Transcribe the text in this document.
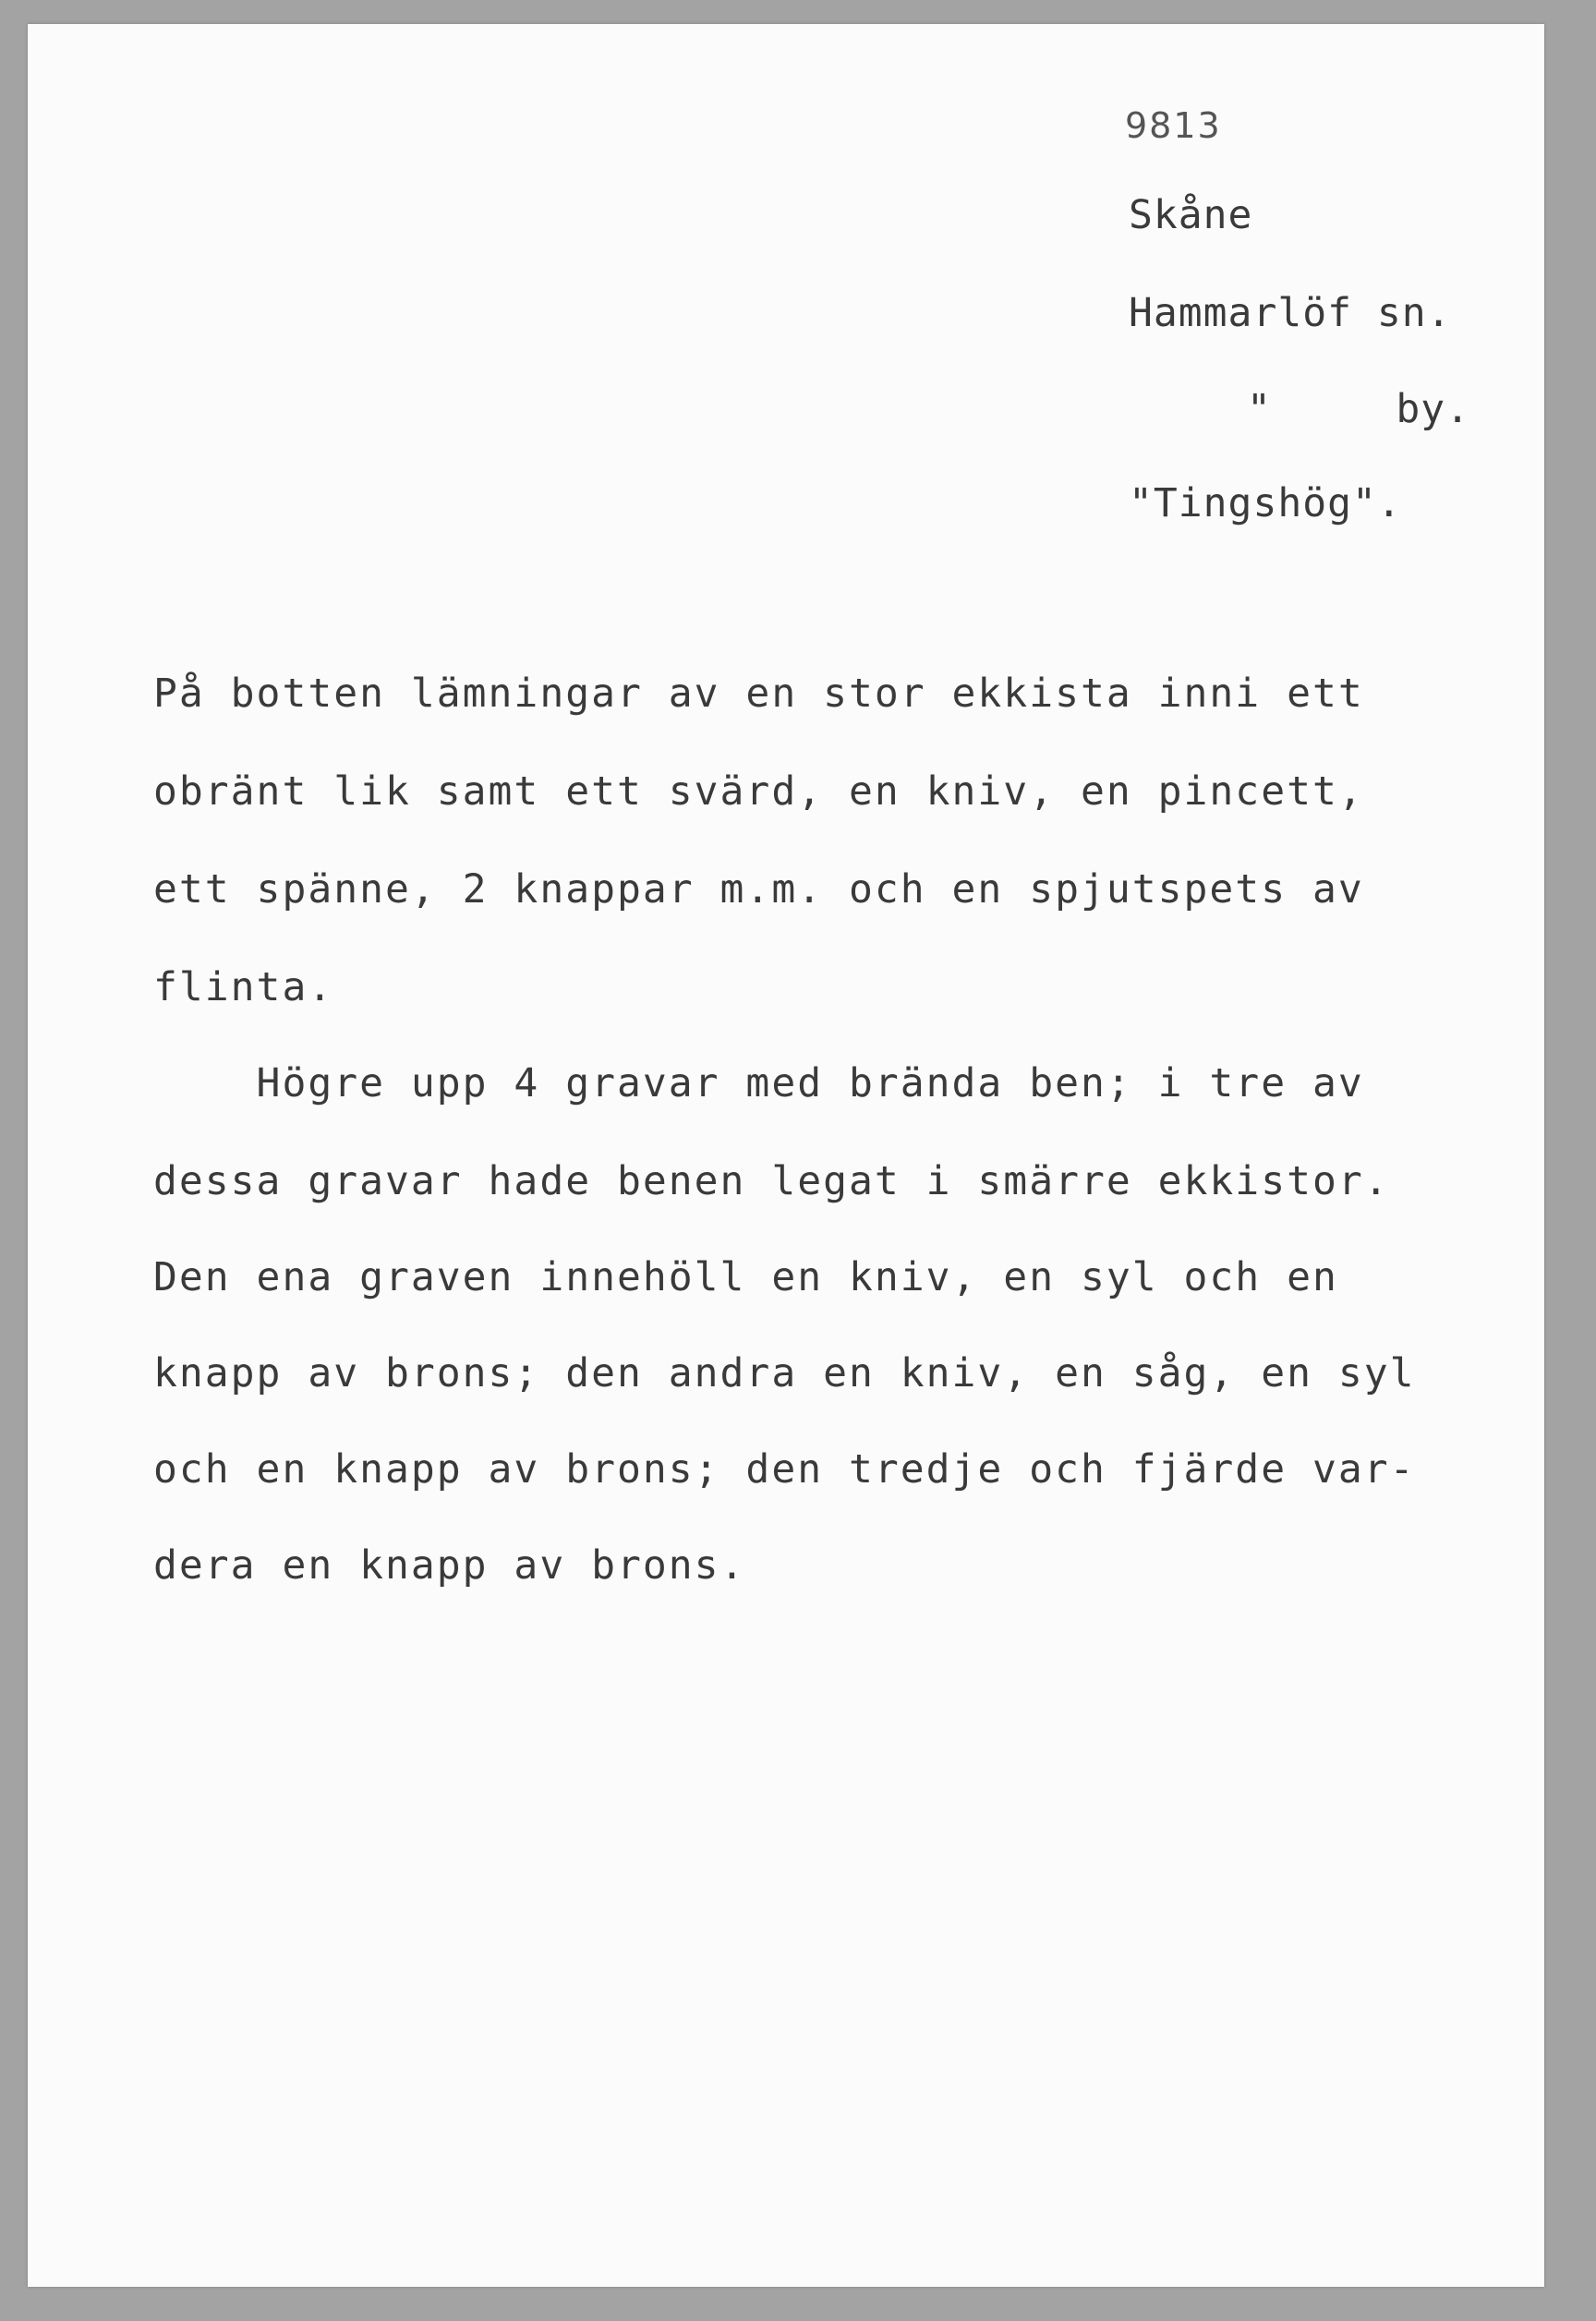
9813
Skåne
Hammarlöf sn.
"     by.
"Tingshög".
På botten lämningar av en stor ekkista inni ett
obränt lik samt ett svärd, en kniv, en pincett,
ett spänne, 2 knappar m.m. och en spjutspets av
flinta.
Högre upp 4 gravar med brända ben; i tre av
dessa gravar hade benen legat i smärre ekkistor.
Den ena graven innehöll en kniv, en syl och en
knapp av brons; den andra en kniv, en såg, en syl
och en knapp av brons; den tredje och fjärde var-
dera en knapp av brons.
